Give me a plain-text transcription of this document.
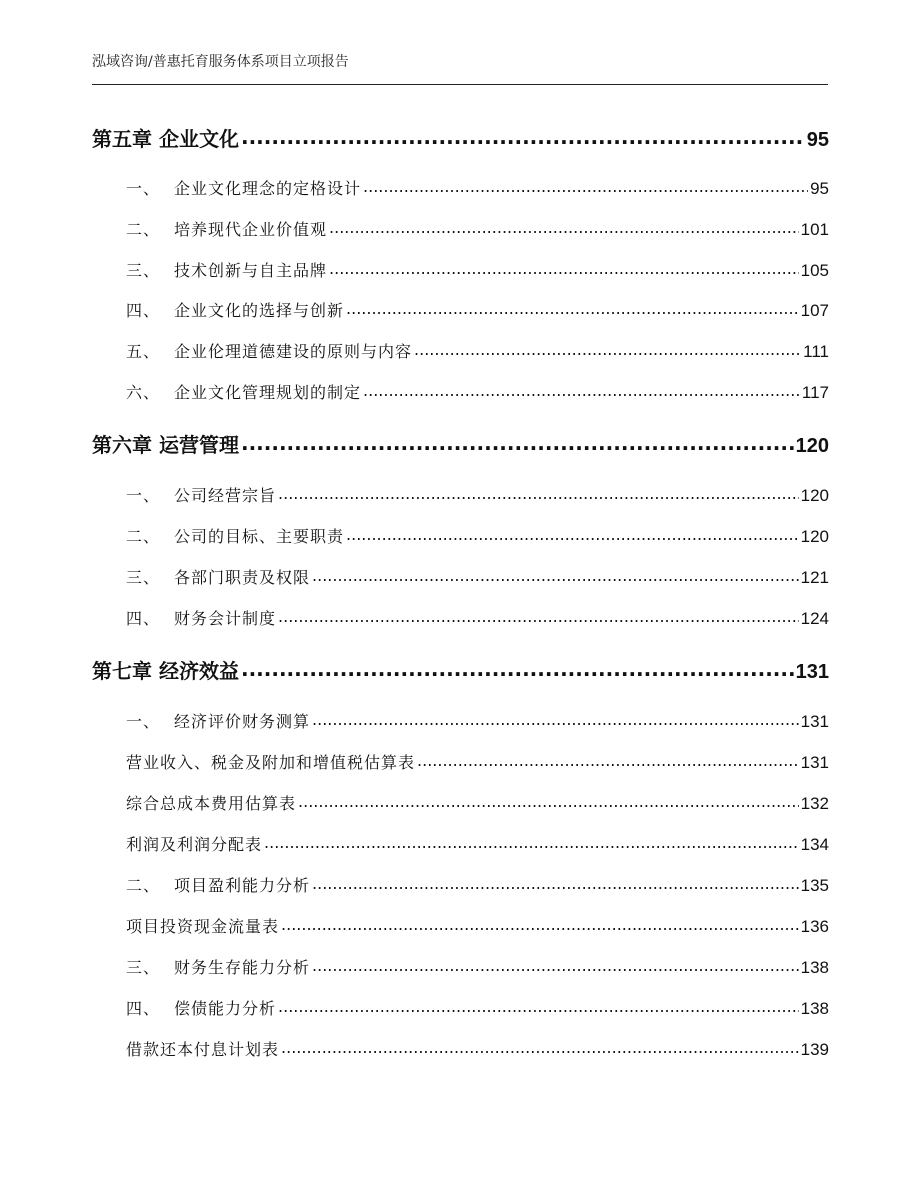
泓域咨询/普惠托育服务体系项目立项报告
第五章 企业文化 .....	95
一、 企业文化理念的定格设计 .....	95
二、 培养现代企业价值观 .....	101
三、 技术创新与自主品牌 .....	105
四、 企业文化的选择与创新 .....	107
五、 企业伦理道德建设的原则与内容 .....	111
六、 企业文化管理规划的制定 .....	117
第六章 运营管理 .....	120
一、 公司经营宗旨 .....	120
二、 公司的目标、主要职责 .....	120
三、 各部门职责及权限 .....	121
四、 财务会计制度 .....	124
第七章 经济效益 .....	131
一、 经济评价财务测算 .....	131
营业收入、税金及附加和增值税估算表 .....	131
综合总成本费用估算表 .....	132
利润及利润分配表 .....	134
二、 项目盈利能力分析 .....	135
项目投资现金流量表 .....	136
三、 财务生存能力分析 .....	138
四、 偿债能力分析 .....	138
借款还本付息计划表 .....	139
